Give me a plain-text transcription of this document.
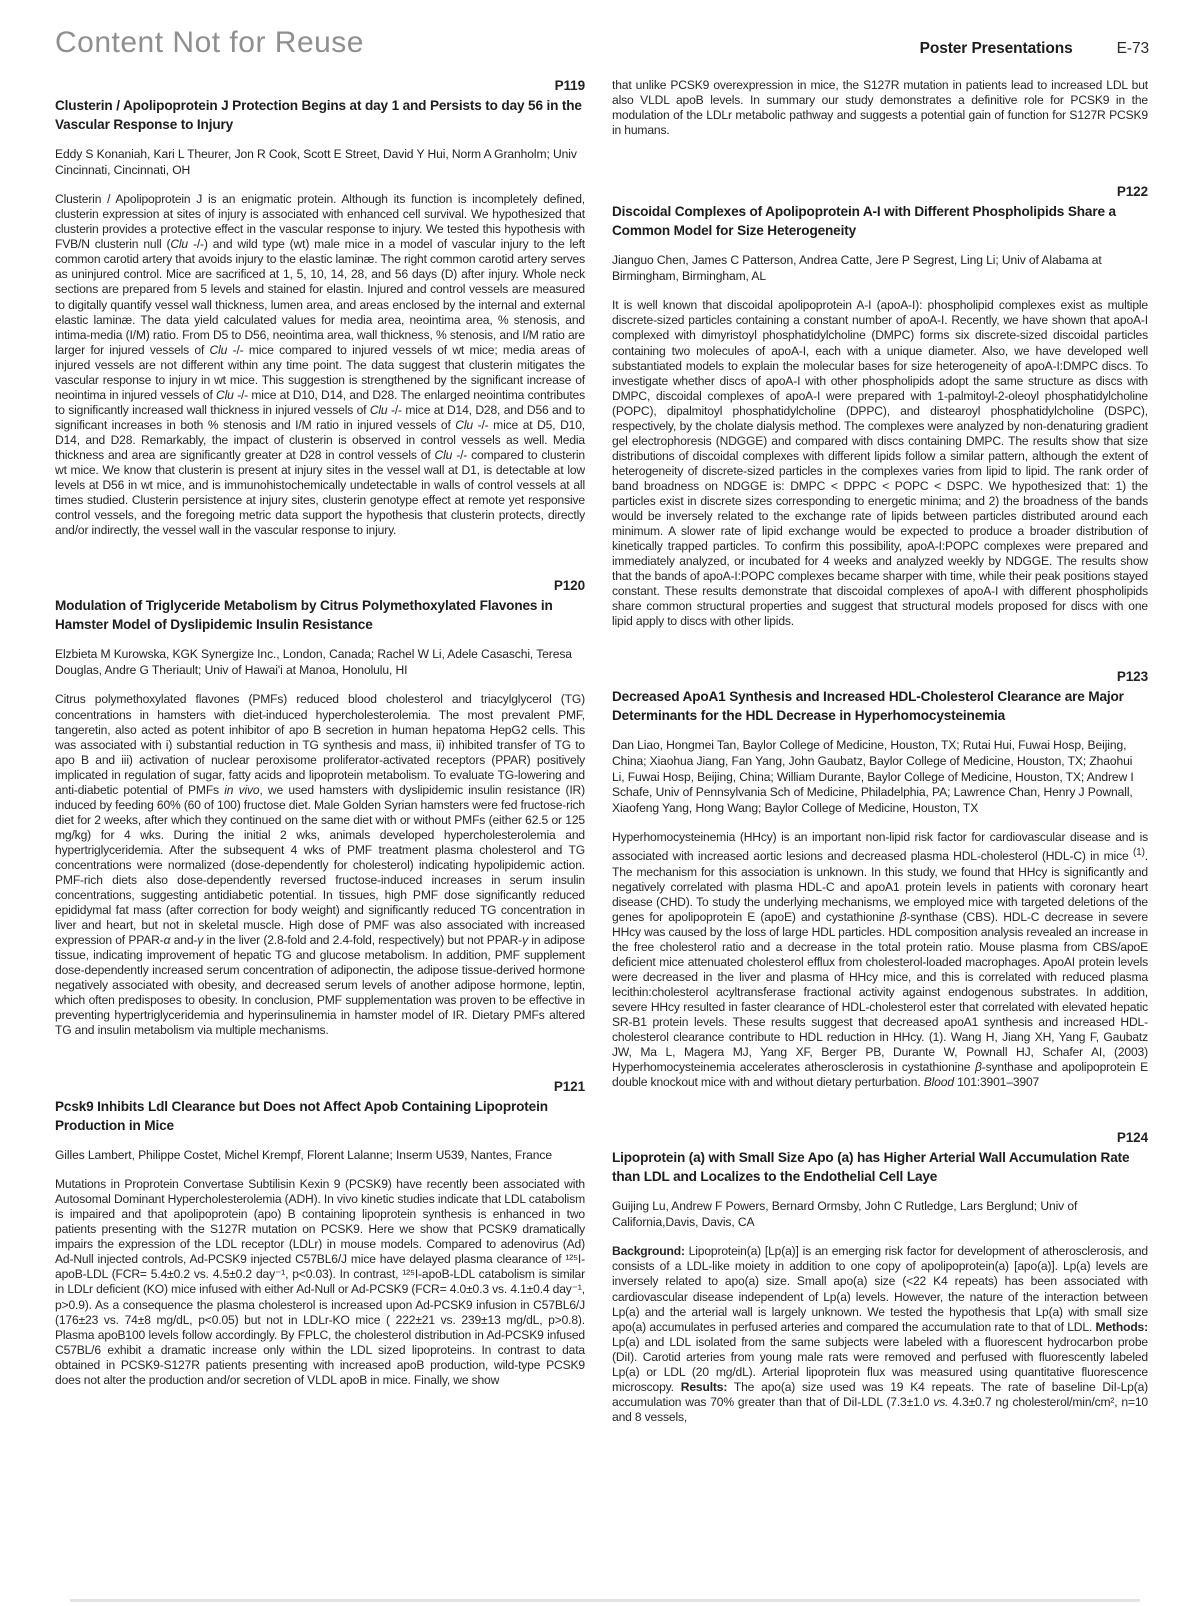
Content Not for Reuse	Poster Presentations	E-73
P119
Clusterin / Apolipoprotein J Protection Begins at day 1 and Persists to day 56 in the Vascular Response to Injury

Eddy S Konaniah, Kari L Theurer, Jon R Cook, Scott E Street, David Y Hui, Norm A Granholm; Univ Cincinnati, Cincinnati, OH

Clusterin / Apolipoprotein J is an enigmatic protein. Although its function is incompletely defined, clusterin expression at sites of injury is associated with enhanced cell survival. We hypothesized that clusterin provides a protective effect in the vascular response to injury. We tested this hypothesis with FVB/N clusterin null (Clu -/-) and wild type (wt) male mice in a model of vascular injury to the left common carotid artery that avoids injury to the elastic laminæ. The right common carotid artery serves as uninjured control. Mice are sacrificed at 1, 5, 10, 14, 28, and 56 days (D) after injury. Whole neck sections are prepared from 5 levels and stained for elastin. Injured and control vessels are measured to digitally quantify vessel wall thickness, lumen area, and areas enclosed by the internal and external elastic laminæ. The data yield calculated values for media area, neointima area, % stenosis, and intima-media (I/M) ratio. From D5 to D56, neointima area, wall thickness, % stenosis, and I/M ratio are larger for injured vessels of Clu -/- mice compared to injured vessels of wt mice; media areas of injured vessels are not different within any time point. The data suggest that clusterin mitigates the vascular response to injury in wt mice. This suggestion is strengthened by the significant increase of neointima in injured vessels of Clu -/- mice at D10, D14, and D28. The enlarged neointima contributes to significantly increased wall thickness in injured vessels of Clu -/- mice at D14, D28, and D56 and to significant increases in both % stenosis and I/M ratio in injured vessels of Clu -/- mice at D5, D10, D14, and D28. Remarkably, the impact of clusterin is observed in control vessels as well. Media thickness and area are significantly greater at D28 in control vessels of Clu -/- compared to clusterin wt mice. We know that clusterin is present at injury sites in the vessel wall at D1, is detectable at low levels at D56 in wt mice, and is immunohistochemically undetectable in walls of control vessels at all times studied. Clusterin persistence at injury sites, clusterin genotype effect at remote yet responsive control vessels, and the foregoing metric data support the hypothesis that clusterin protects, directly and/or indirectly, the vessel wall in the vascular response to injury.

P120
Modulation of Triglyceride Metabolism by Citrus Polymethoxylated Flavones in Hamster Model of Dyslipidemic Insulin Resistance

Elzbieta M Kurowska, KGK Synergize Inc., London, Canada; Rachel W Li, Adele Casaschi, Teresa Douglas, Andre G Theriault; Univ of Hawai'i at Manoa, Honolulu, HI

Citrus polymethoxylated flavones (PMFs) reduced blood cholesterol and triacylglycerol (TG) concentrations in hamsters with diet-induced hypercholesterolemia. The most prevalent PMF, tangeretin, also acted as potent inhibitor of apo B secretion in human hepatoma HepG2 cells. This was associated with i) substantial reduction in TG synthesis and mass, ii) inhibited transfer of TG to apo B and iii) activation of nuclear peroxisome proliferator-activated receptors (PPAR) positively implicated in regulation of sugar, fatty acids and lipoprotein metabolism. To evaluate TG-lowering and anti-diabetic potential of PMFs in vivo, we used hamsters with dyslipidemic insulin resistance (IR) induced by feeding 60% (60 of 100) fructose diet. Male Golden Syrian hamsters were fed fructose-rich diet for 2 weeks, after which they continued on the same diet with or without PMFs (either 62.5 or 125 mg/kg) for 4 wks. During the initial 2 wks, animals developed hypercholesterolemia and hypertriglyceridemia. After the subsequent 4 wks of PMF treatment plasma cholesterol and TG concentrations were normalized (dose-dependently for cholesterol) indicating hypolipidemic action. PMF-rich diets also dose-dependently reversed fructose-induced increases in serum insulin concentrations, suggesting antidiabetic potential. In tissues, high PMF dose significantly reduced epididymal fat mass (after correction for body weight) and significantly reduced TG concentration in liver and heart, but not in skeletal muscle. High dose of PMF was also associated with increased expression of PPAR-α and-γ in the liver (2.8-fold and 2.4-fold, respectively) but not PPAR-γ in adipose tissue, indicating improvement of hepatic TG and glucose metabolism. In addition, PMF supplement dose-dependently increased serum concentration of adiponectin, the adipose tissue-derived hormone negatively associated with obesity, and decreased serum levels of another adipose hormone, leptin, which often predisposes to obesity. In conclusion, PMF supplementation was proven to be effective in preventing hypertriglyceridemia and hyperinsulinemia in hamster model of IR. Dietary PMFs altered TG and insulin metabolism via multiple mechanisms.

P121
Pcsk9 Inhibits Ldl Clearance but Does not Affect Apob Containing Lipoprotein Production in Mice

Gilles Lambert, Philippe Costet, Michel Krempf, Florent Lalanne; Inserm U539, Nantes, France

Mutations in Proprotein Convertase Subtilisin Kexin 9 (PCSK9) have recently been associated with Autosomal Dominant Hypercholesterolemia (ADH). In vivo kinetic studies indicate that LDL catabolism is impaired and that apolipoprotein (apo) B containing lipoprotein synthesis is enhanced in two patients presenting with the S127R mutation on PCSK9. Here we show that PCSK9 dramatically impairs the expression of the LDL receptor (LDLr) in mouse models. Compared to adenovirus (Ad) Ad-Null injected controls, Ad-PCSK9 injected C57BL6/J mice have delayed plasma clearance of ¹²⁵I-apoB-LDL (FCR= 5.4±0.2 vs. 4.5±0.2 day⁻¹, p<0.03). In contrast, ¹²⁵I-apoB-LDL catabolism is similar in LDLr deficient (KO) mice infused with either Ad-Null or Ad-PCSK9 (FCR= 4.0±0.3 vs. 4.1±0.4 day⁻¹, p>0.9). As a consequence the plasma cholesterol is increased upon Ad-PCSK9 infusion in C57BL6/J (176±23 vs. 74±8 mg/dL, p<0.05) but not in LDLr-KO mice ( 222±21 vs. 239±13 mg/dL, p>0.8). Plasma apoB100 levels follow accordingly. By FPLC, the cholesterol distribution in Ad-PCSK9 infused C57BL/6 exhibit a dramatic increase only within the LDL sized lipoproteins. In contrast to data obtained in PCSK9-S127R patients presenting with increased apoB production, wild-type PCSK9 does not alter the production and/or secretion of VLDL apoB in mice. Finally, we show

that unlike PCSK9 overexpression in mice, the S127R mutation in patients lead to increased LDL but also VLDL apoB levels. In summary our study demonstrates a definitive role for PCSK9 in the modulation of the LDLr metabolic pathway and suggests a potential gain of function for S127R PCSK9 in humans.

P122
Discoidal Complexes of Apolipoprotein A-I with Different Phospholipids Share a Common Model for Size Heterogeneity

Jianguo Chen, James C Patterson, Andrea Catte, Jere P Segrest, Ling Li; Univ of Alabama at Birmingham, Birmingham, AL

It is well known that discoidal apolipoprotein A-I (apoA-I): phospholipid complexes exist as multiple discrete-sized particles containing a constant number of apoA-I. Recently, we have shown that apoA-I complexed with dimyristoyl phosphatidylcholine (DMPC) forms six discrete-sized discoidal particles containing two molecules of apoA-I, each with a unique diameter. Also, we have developed well substantiated models to explain the molecular bases for size heterogeneity of apoA-I:DMPC discs. To investigate whether discs of apoA-I with other phospholipids adopt the same structure as discs with DMPC, discoidal complexes of apoA-I were prepared with 1-palmitoyl-2-oleoyl phosphatidylcholine (POPC), dipalmitoyl phosphatidylcholine (DPPC), and distearoyl phosphatidylcholine (DSPC), respectively, by the cholate dialysis method. The complexes were analyzed by non-denaturing gradient gel electrophoresis (NDGGE) and compared with discs containing DMPC. The results show that size distributions of discoidal complexes with different lipids follow a similar pattern, although the extent of heterogeneity of discrete-sized particles in the complexes varies from lipid to lipid. The rank order of band broadness on NDGGE is: DMPC < DPPC < POPC < DSPC. We hypothesized that: 1) the particles exist in discrete sizes corresponding to energetic minima; and 2) the broadness of the bands would be inversely related to the exchange rate of lipids between particles distributed around each minimum. A slower rate of lipid exchange would be expected to produce a broader distribution of kinetically trapped particles. To confirm this possibility, apoA-I:POPC complexes were prepared and immediately analyzed, or incubated for 4 weeks and analyzed weekly by NDGGE. The results show that the bands of apoA-I:POPC complexes became sharper with time, while their peak positions stayed constant. These results demonstrate that discoidal complexes of apoA-I with different phospholipids share common structural properties and suggest that structural models proposed for discs with one lipid apply to discs with other lipids.

P123
Decreased ApoA1 Synthesis and Increased HDL-Cholesterol Clearance are Major Determinants for the HDL Decrease in Hyperhomocysteinemia

Dan Liao, Hongmei Tan, Baylor College of Medicine, Houston, TX; Rutai Hui, Fuwai Hosp, Beijing, China; Xiaohua Jiang, Fan Yang, John Gaubatz, Baylor College of Medicine, Houston, TX; Zhaohui Li, Fuwai Hosp, Beijing, China; William Durante, Baylor College of Medicine, Houston, TX; Andrew I Schafe, Univ of Pennsylvania Sch of Medicine, Philadelphia, PA; Lawrence Chan, Henry J Pownall, Xiaofeng Yang, Hong Wang; Baylor College of Medicine, Houston, TX

Hyperhomocysteinemia (HHcy) is an important non-lipid risk factor for cardiovascular disease and is associated with increased aortic lesions and decreased plasma HDL-cholesterol (HDL-C) in mice $^{(1)}$. The mechanism for this association is unknown. In this study, we found that HHcy is significantly and negatively correlated with plasma HDL-C and apoA1 protein levels in patients with coronary heart disease (CHD). To study the underlying mechanisms, we employed mice with targeted deletions of the genes for apolipoprotein E (apoE) and cystathionine β-synthase (CBS). HDL-C decrease in severe HHcy was caused by the loss of large HDL particles. HDL composition analysis revealed an increase in the free cholesterol ratio and a decrease in the total protein ratio. Mouse plasma from CBS/apoE deficient mice attenuated cholesterol efflux from cholesterol-loaded macrophages. ApoAI protein levels were decreased in the liver and plasma of HHcy mice, and this is correlated with reduced plasma lecithin:cholesterol acyltransferase fractional activity against endogenous substrates. In addition, severe HHcy resulted in faster clearance of HDL-cholesterol ester that correlated with elevated hepatic SR-B1 protein levels. These results suggest that decreased apoA1 synthesis and increased HDL-cholesterol clearance contribute to HDL reduction in HHcy. (1). Wang H, Jiang XH, Yang F, Gaubatz JW, Ma L, Magera MJ, Yang XF, Berger PB, Durante W, Pownall HJ, Schafer AI, (2003) Hyperhomocysteinemia accelerates atherosclerosis in cystathionine β-synthase and apolipoprotein E double knockout mice with and without dietary perturbation. Blood 101:3901–3907

P124
Lipoprotein (a) with Small Size Apo (a) has Higher Arterial Wall Accumulation Rate than LDL and Localizes to the Endothelial Cell Laye

Guijing Lu, Andrew F Powers, Bernard Ormsby, John C Rutledge, Lars Berglund; Univ of California,Davis, Davis, CA

Background: Lipoprotein(a) [Lp(a)] is an emerging risk factor for development of atherosclerosis, and consists of a LDL-like moiety in addition to one copy of apolipoprotein(a) [apo(a)]. Lp(a) levels are inversely related to apo(a) size. Small apo(a) size (<22 K4 repeats) has been associated with cardiovascular disease independent of Lp(a) levels. However, the nature of the interaction between Lp(a) and the arterial wall is largely unknown. We tested the hypothesis that Lp(a) with small size apo(a) accumulates in perfused arteries and compared the accumulation rate to that of LDL. Methods: Lp(a) and LDL isolated from the same subjects were labeled with a fluorescent hydrocarbon probe (DiI). Carotid arteries from young male rats were removed and perfused with fluorescently labeled Lp(a) or LDL (20 mg/dL). Arterial lipoprotein flux was measured using quantitative fluorescence microscopy. Results: The apo(a) size used was 19 K4 repeats. The rate of baseline DiI-Lp(a) accumulation was 70% greater than that of DiI-LDL (7.3±1.0 vs. 4.3±0.7 ng cholesterol/min/cm², n=10 and 8 vessels,
